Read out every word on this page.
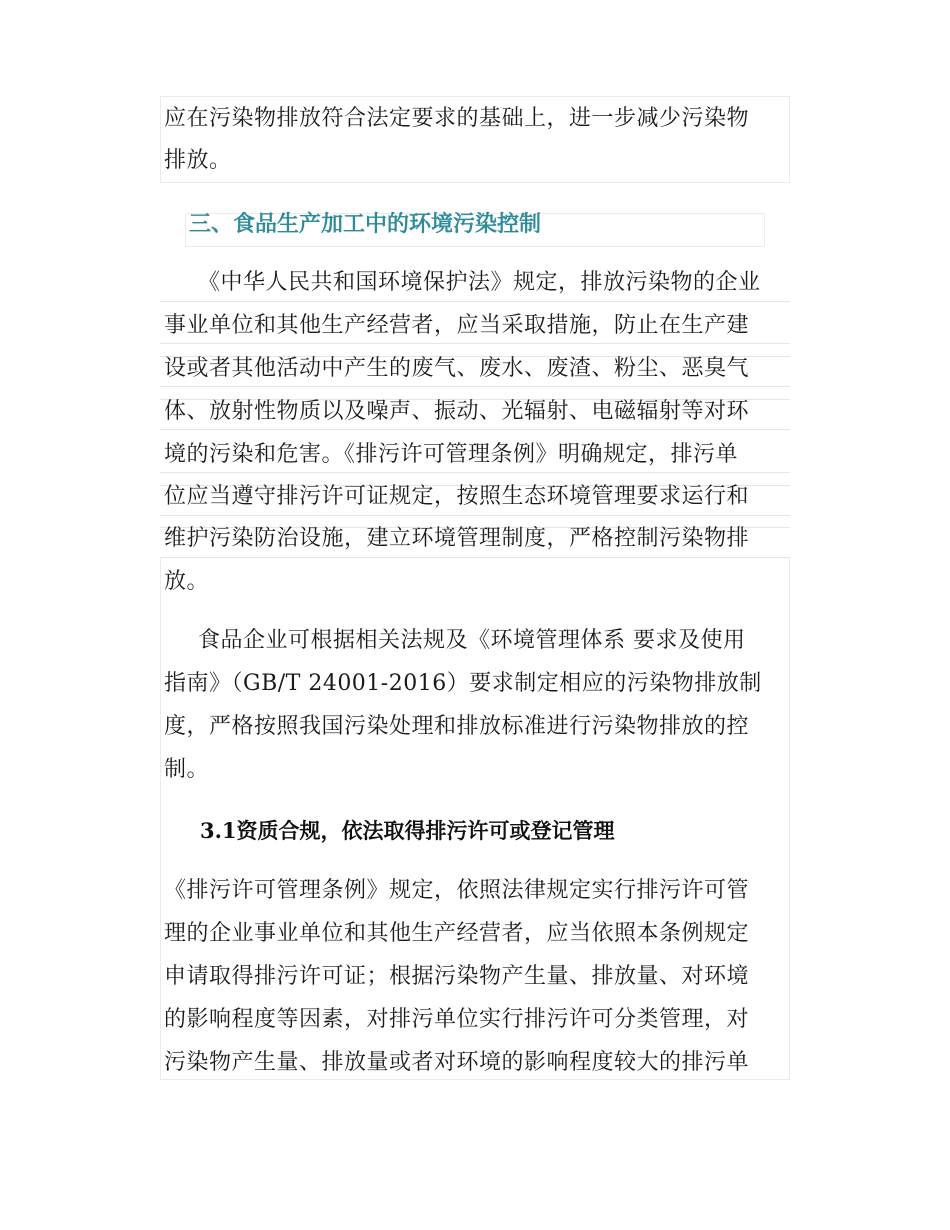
应在污染物排放符合法定要求的基础上，进一步减少污染物
排放。
三、食品生产加工中的环境污染控制
《中华人民共和国环境保护法》规定，排放污染物的企业
事业单位和其他生产经营者，应当采取措施，防止在生产建
设或者其他活动中产生的废气、废水、废渣、粉尘、恶臭气
体、放射性物质以及噪声、振动、光辐射、电磁辐射等对环
境的污染和危害。《排污许可管理条例》明确规定，排污单
位应当遵守排污许可证规定，按照生态环境管理要求运行和
维护污染防治设施，建立环境管理制度，严格控制污染物排
放。
食品企业可根据相关法规及《环境管理体系 要求及使用
指南》（GB/T 24001-2016）要求制定相应的污染物排放制
度，严格按照我国污染处理和排放标准进行污染物排放的控
制。
3.1资质合规，依法取得排污许可或登记管理
《排污许可管理条例》规定，依照法律规定实行排污许可管
理的企业事业单位和其他生产经营者，应当依照本条例规定
申请取得排污许可证；根据污染物产生量、排放量、对环境
的影响程度等因素，对排污单位实行排污许可分类管理，对
污染物产生量、排放量或者对环境的影响程度较大的排污单
